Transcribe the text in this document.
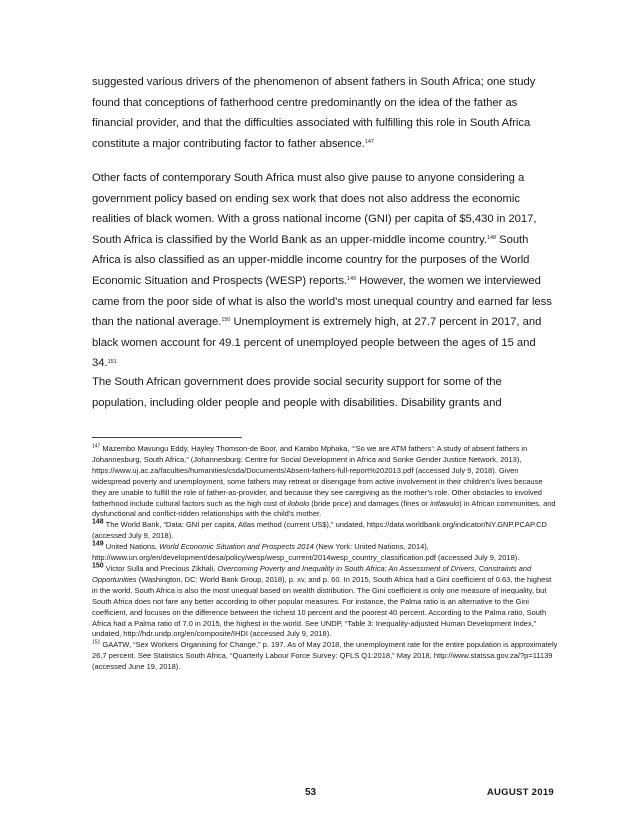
suggested various drivers of the phenomenon of absent fathers in South Africa; one study found that conceptions of fatherhood centre predominantly on the idea of the father as financial provider, and that the difficulties associated with fulfilling this role in South Africa constitute a major contributing factor to father absence.$^{147}$

Other facts of contemporary South Africa must also give pause to anyone considering a government policy based on ending sex work that does not also address the economic realities of black women. With a gross national income (GNI) per capita of $5,430 in 2017, South Africa is classified by the World Bank as an upper-middle income country.$^{148}$ South Africa is also classified as an upper-middle income country for the purposes of the World Economic Situation and Prospects (WESP) reports.$^{149}$ However, the women we interviewed came from the poor side of what is also the world’s most unequal country and earned far less than the national average.$^{150}$ Unemployment is extremely high, at 27.7 percent in 2017, and black women account for 49.1 percent of unemployed people between the ages of 15 and 34.$^{151}$

The South African government does provide social security support for some of the population, including older people and people with disabilities. Disability grants and

$^{147}$ Mazembo Mavungu Eddy, Hayley Thomson-de Boor, and Karabo Mphaka, “‘So we are ATM fathers’: A study of absent fathers in Johannesburg, South Africa,” (Johannesburg: Centre for Social Development in Africa and Sonke Gender Justice Network, 2013), https://www.uj.ac.za/faculties/humanities/csda/Documents/Absent-fathers-full-report%202013.pdf (accessed July 9, 2018). Given widespread poverty and unemployment, some fathers may retreat or disengage from active involvement in their children’s lives because they are unable to fulfill the role of father-as-provider, and because they see caregiving as the mother’s role. Other obstacles to involved fatherhood include cultural factors such as the high cost of ilobolo (bride price) and damages (fines or intlawulo) in African communities, and dysfunctional and conflict-ridden relationships with the child’s mother.

148 The World Bank, “Data: GNI per capita, Atlas method (current US$),” undated, https://data.worldbank.org/indicator/NY.GNP.PCAP.CD (accessed July 9, 2018).

149 United Nations, World Economic Situation and Prospects 2014 (New York: United Nations, 2014), http://www.un.org/en/development/desa/policy/wesp/wesp_current/2014wesp_country_classification.pdf (accessed July 9, 2018).

150 Victor Sulla and Precious Zikhali, Overcoming Poverty and Inequality in South Africa: An Assessment of Drivers, Constraints and Opportunities (Washington, DC: World Bank Group, 2018), p. xv, and p. 60. In 2015, South Africa had a Gini coefficient of 0.63, the highest in the world. South Africa is also the most unequal based on wealth distribution. The Gini coefficient is only one measure of inequality, but South Africa does not fare any better according to other popular measures. For instance, the Palma ratio is an alternative to the Gini coefficient, and focuses on the difference between the richest 10 percent and the poorest 40 percent. According to the Palma ratio, South Africa had a Palma ratio of 7.0 in 2015, the highest in the world. See UNDP, “Table 3: Inequality-adjusted Human Development Index,” undated, http://hdr.undp.org/en/composite/IHDI (accessed July 9, 2018).

$^{151}$ GAATW, “Sex Workers Organising for Change,” p. 197. As of May 2018, the unemployment rate for the entire population is approximately 26.7 percent. See Statistics South Africa, “Quarterly Labour Force Survey: QFLS Q1:2018,” May 2018, http://www.statssa.gov.za/?p=11139 (accessed June 19, 2018).

53	AUGUST 2019
